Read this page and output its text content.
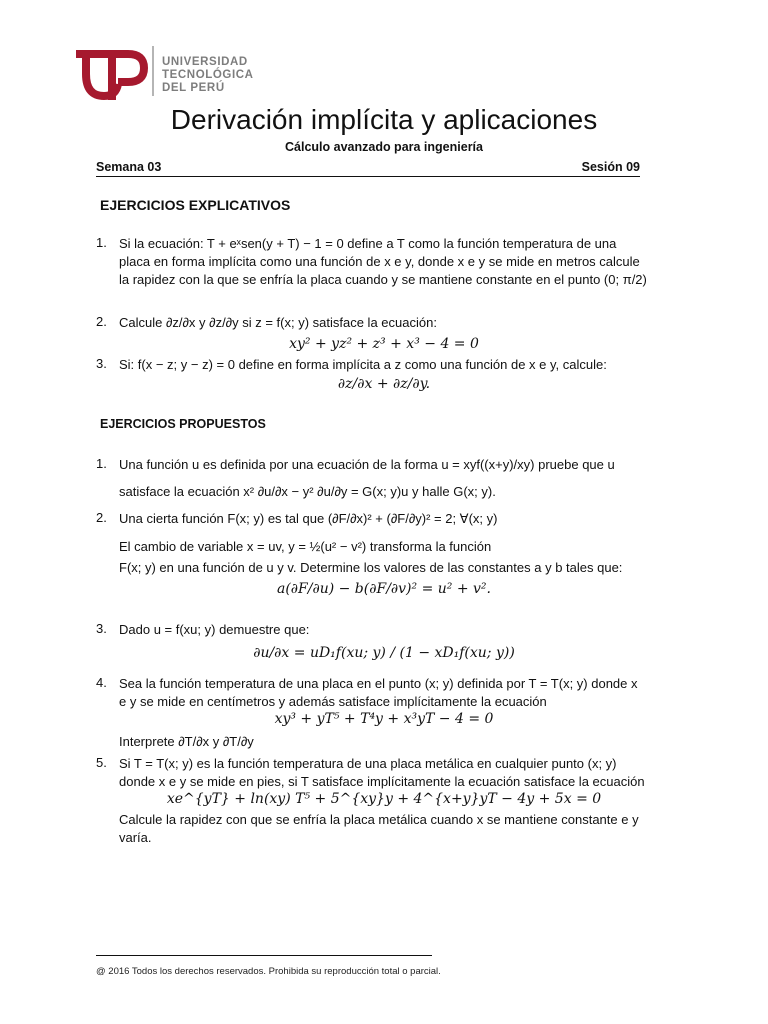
UNIVERSIDAD
TECNOLÓGICA
DEL PERÚ
Derivación implícita y aplicaciones
Cálculo avanzado para ingeniería
Semana 03	Sesión 09
EJERCICIOS EXPLICATIVOS
1. Si la ecuación: T + eˣsen(y + T) − 1 = 0 define a T como la función temperatura de una
placa en forma implícita como una función de x e y, donde x e y se mide en metros calcule
la rapidez con la que se enfría la placa cuando y se mantiene constante en el punto (0; π/2)
2. Calcule ∂z/∂x y ∂z/∂y si z = f(x; y) satisface la ecuación:
xy² + yz² + z³ + x³ − 4 = 0
3. Si: f(x − z; y − z) = 0 define en forma implícita a z como una función de x e y, calcule:
∂z/∂x + ∂z/∂y.
EJERCICIOS PROPUESTOS
1. Una función u es definida por una ecuación de la forma u = xyf((x+y)/xy) pruebe que u
satisface la ecuación x² ∂u/∂x − y² ∂u/∂y = G(x; y)u y halle G(x; y).
2. Una cierta función F(x; y) es tal que (∂F/∂x)² + (∂F/∂y)² = 2; ∀(x; y)
El cambio de variable x = uv, y = ½(u² − v²) transforma la función
F(x; y) en una función de u y v. Determine los valores de las constantes a y b tales que:
a(∂F/∂u) − b(∂F/∂v)² = u² + v².
3. Dado u = f(xu; y) demuestre que:
∂u/∂x = uD₁f(xu; y) / (1 − xD₁f(xu; y))
4. Sea la función temperatura de una placa en el punto (x; y) definida por T = T(x; y) donde x
e y se mide en centímetros y además satisface implícitamente la ecuación
xy³ + yT⁵ + T⁴y + x³yT − 4 = 0
Interprete ∂T/∂x y ∂T/∂y
5. Si T = T(x; y) es la función temperatura de una placa metálica en cualquier punto (x; y)
donde x e y se mide en pies, si T satisface implícitamente la ecuación satisface la ecuación
xe^{yT} + ln(xy) T⁵ + 5^{xy}y + 4^{x+y}yT − 4y + 5x = 0
Calcule la rapidez con que se enfría la placa metálica cuando x se mantiene constante e y
varía.
@ 2016 Todos los derechos reservados. Prohibida su reproducción total o parcial.
